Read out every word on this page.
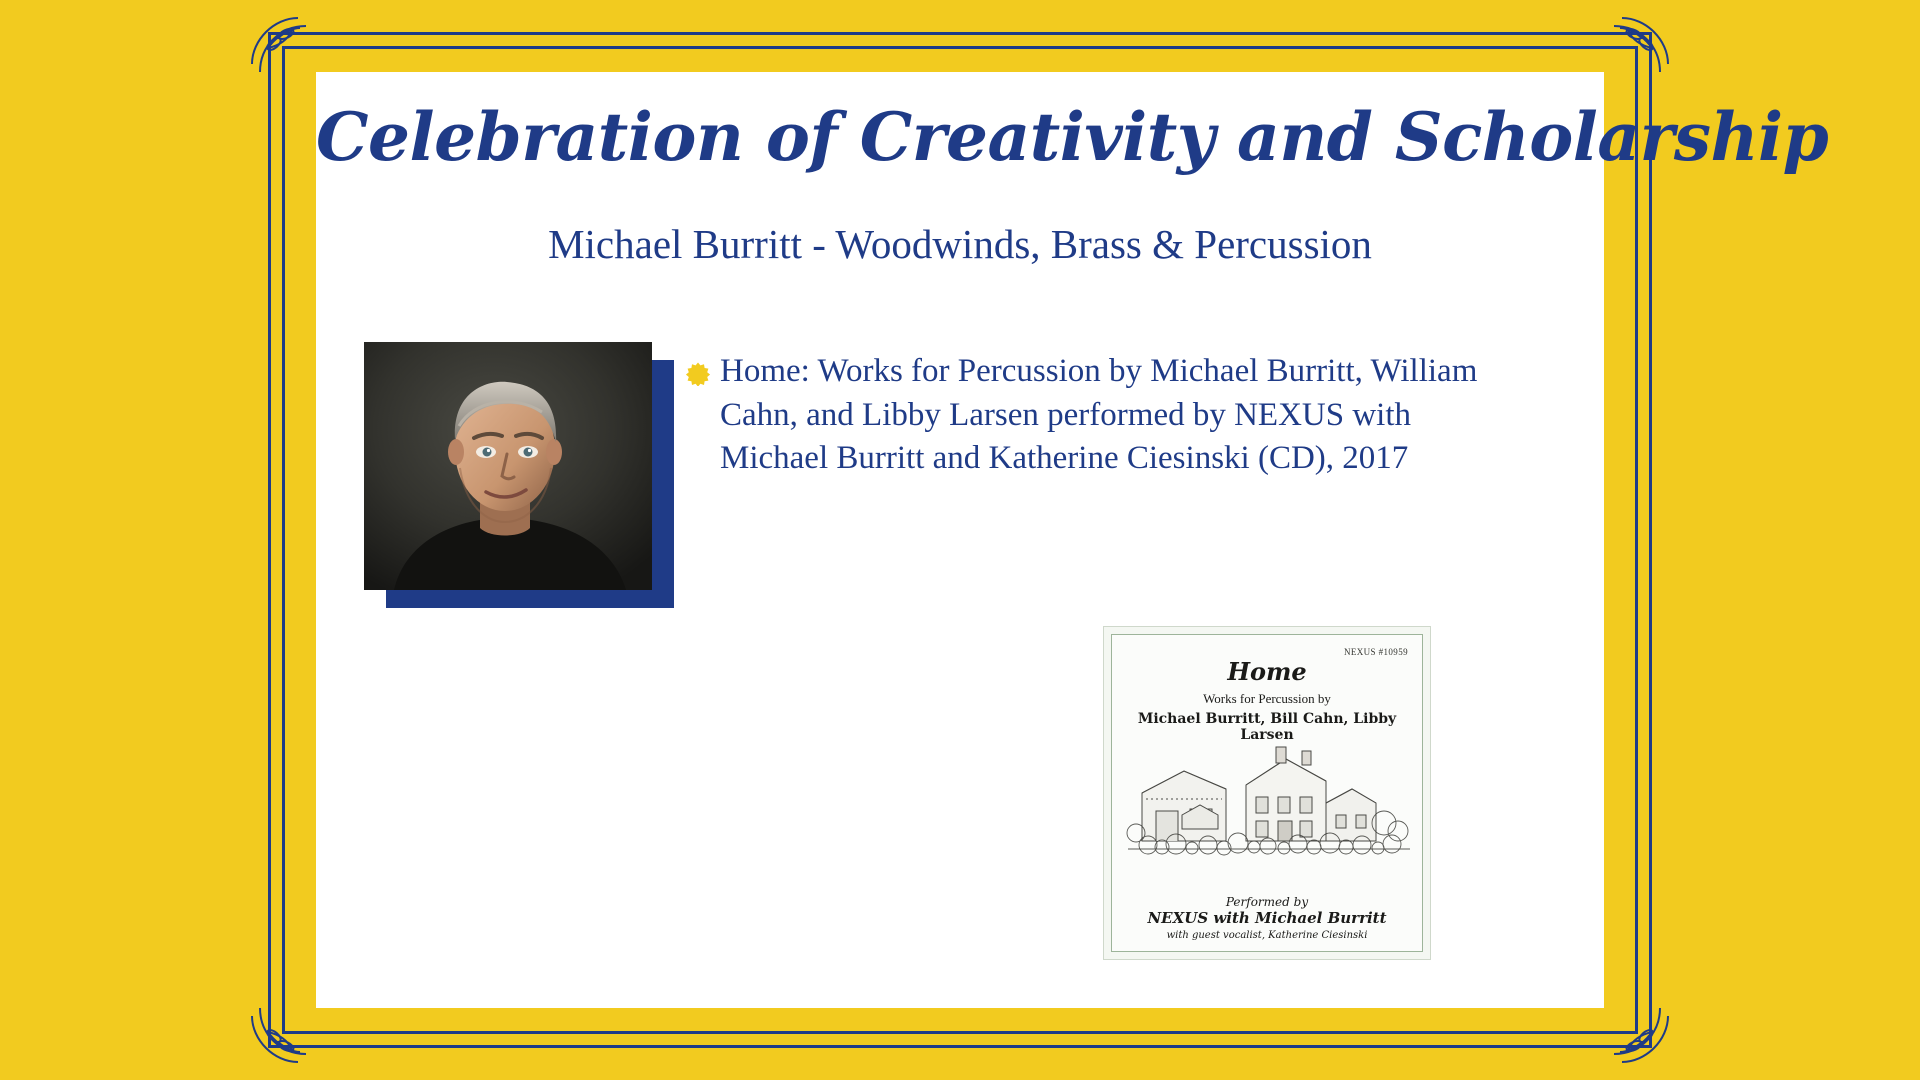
Celebration of Creativity and Scholarship
Michael Burritt - Woodwinds, Brass & Percussion
Home: Works for Percussion by Michael Burritt, William Cahn, and Libby Larsen performed by NEXUS with Michael Burritt and Katherine Ciesinski (CD), 2017
NEXUS #10959
Home
Works for Percussion by
Michael Burritt, Bill Cahn, Libby Larsen
Performed by
NEXUS with Michael Burritt
with guest vocalist, Katherine Ciesinski
